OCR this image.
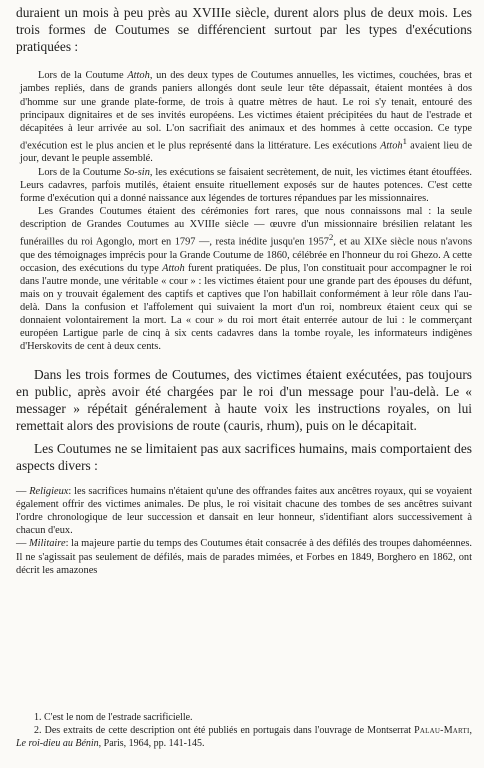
duraient un mois à peu près au XVIIIe siècle, durent alors plus de deux mois. Les trois formes de Coutumes se différencient surtout par les types d'exécutions pratiquées :

Lors de la Coutume Attoh, un des deux types de Coutumes annuelles, les victimes, couchées, bras et jambes repliés, dans de grands paniers allongés dont seule leur tête dépassait, étaient montées à dos d'homme sur une grande plate-forme, de trois à quatre mètres de haut. Le roi s'y tenait, entouré des principaux dignitaires et de ses invités européens. Les victimes étaient précipitées du haut de l'estrade et décapitées à leur arrivée au sol. L'on sacrifiait des animaux et des hommes à cette occasion. Ce type d'exécution est le plus ancien et le plus représenté dans la littérature. Les exécutions Attoh$^1$ avaient lieu de jour, devant le peuple assemblé.

Lors de la Coutume So-sin, les exécutions se faisaient secrètement, de nuit, les victimes étant étouffées. Leurs cadavres, parfois mutilés, étaient ensuite rituellement exposés sur de hautes potences. C'est cette forme d'exécution qui a donné naissance aux légendes de tortures répandues par les missionnaires.

Les Grandes Coutumes étaient des cérémonies fort rares, que nous connaissons mal : la seule description de Grandes Coutumes au XVIIIe siècle — œuvre d'un missionnaire brésilien relatant les funérailles du roi Agonglo, mort en 1797 —, resta inédite jusqu'en 1957$^2$, et au XIXe siècle nous n'avons que des témoignages imprécis pour la Grande Coutume de 1860, célébrée en l'honneur du roi Ghezo. A cette occasion, des exécutions du type Attoh furent pratiquées. De plus, l'on constituait pour accompagner le roi dans l'autre monde, une véritable « cour » : les victimes étaient pour une grande part des épouses du défunt, mais on y trouvait également des captifs et captives que l'on habillait conformément à leur rôle dans l'au-delà. Dans la confusion et l'affolement qui suivaient la mort d'un roi, nombreux étaient ceux qui se donnaient volontairement la mort. La « cour » du roi mort était enterrée autour de lui : le commerçant européen Lartigue parle de cinq à six cents cadavres dans la tombe royale, les informateurs indigènes d'Herskovits de cent à deux cents.

Dans les trois formes de Coutumes, des victimes étaient exécutées, pas toujours en public, après avoir été chargées par le roi d'un message pour l'au-delà. Le « messager » répétait généralement à haute voix les instructions royales, on lui remettait alors des provisions de route (cauris, rhum), puis on le décapitait.

Les Coutumes ne se limitaient pas aux sacrifices humains, mais comportaient des aspects divers :

— Religieux: les sacrifices humains n'étaient qu'une des offrandes faites aux ancêtres royaux, qui se voyaient également offrir des victimes animales. De plus, le roi visitait chacune des tombes de ses ancêtres suivant l'ordre chronologique de leur succession et dansait en leur honneur, s'identifiant alors successivement à chacun d'eux.

— Militaire: la majeure partie du temps des Coutumes était consacrée à des défilés des troupes dahoméennes. Il ne s'agissait pas seulement de défilés, mais de parades mimées, et Forbes en 1849, Borghero en 1862, ont décrit les amazones

1. C'est le nom de l'estrade sacrificielle.

2. Des extraits de cette description ont été publiés en portugais dans l'ouvrage de Montserrat Palau-Marti, Le roi-dieu au Bénin, Paris, 1964, pp. 141-145.
